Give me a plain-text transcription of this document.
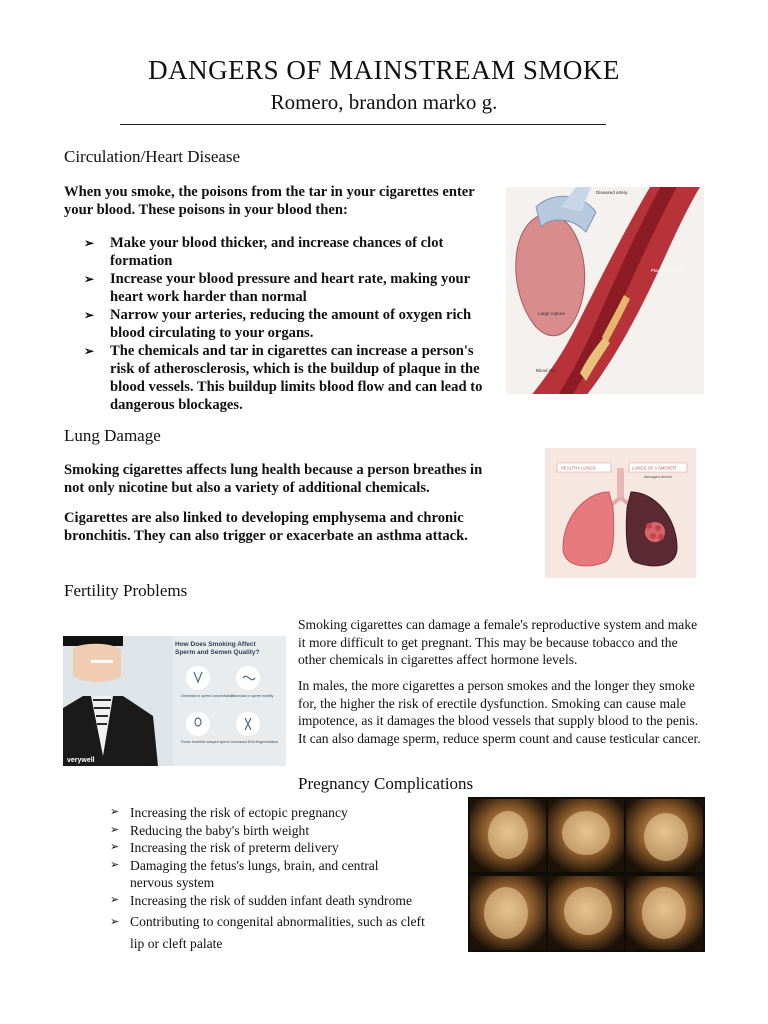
DANGERS OF MAINSTREAM SMOKE
Romero, brandon marko g.
Circulation/Heart Disease
When you smoke, the poisons from the tar in your cigarettes enter your blood. These poisons in your blood then:
➢ Make your blood thicker, and increase chances of clot formation
➢ Increase your blood pressure and heart rate, making your heart work harder than normal
➢ Narrow your arteries, reducing the amount of oxygen rich blood circulating to your organs.
➢ The chemicals and tar in cigarettes can increase a person's risk of atherosclerosis, which is the buildup of plaque in the blood vessels. This buildup limits blood flow and can lead to dangerous blockages.
Diseased artery
Plaque build-up
Large rupture
Blood clot
Lung Damage
Smoking cigarettes affects lung health because a person breathes in not only nicotine but also a variety of additional chemicals.
Cigarettes are also linked to developing emphysema and chronic bronchitis. They can also trigger or exacerbate an asthma attack.
HEALTHY LUNGS	LUNGS OF A SMOKER
damaged alveoli
Fertility Problems
Smoking cigarettes can damage a female's reproductive system and make it more difficult to get pregnant. This may be because tobacco and the other chemicals in cigarettes affect hormone levels.
In males, the more cigarettes a person smokes and the longer they smoke for, the higher the risk of erectile dysfunction. Smoking can cause male impotence, as it damages the blood vessels that supply blood to the penis. It can also damage sperm, reduce sperm count and cause testicular cancer.
verywell
How Does Smoking Affect
Sperm and Semen Quality?
Decrease in sperm concentration
Decrease in sperm motility
Fewer healthier-shaped sperm Increased DNA fragmentation
Pregnancy Complications
➢ Increasing the risk of ectopic pregnancy
➢ Reducing the baby's birth weight
➢ Increasing the risk of preterm delivery
➢ Damaging the fetus's lungs, brain, and central nervous system
➢ Increasing the risk of sudden infant death syndrome
➢ Contributing to congenital abnormalities, such as cleft lip or cleft palate
